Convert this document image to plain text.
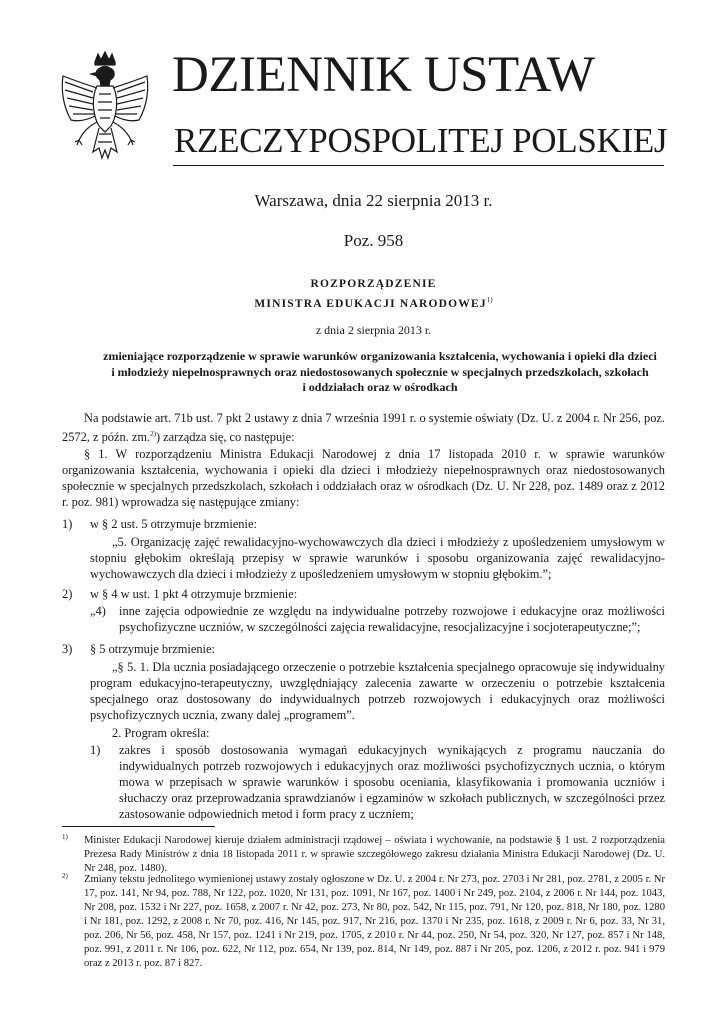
DZIENNIK USTAW
RZECZYPOSPOLITEJ POLSKIEJ
Warszawa, dnia 22 sierpnia 2013 r.
Poz. 958
ROZPORZĄDZENIE
MINISTRA EDUKACJI NARODOWEJ$^{1)}$
z dnia 2 sierpnia 2013 r.
zmieniające rozporządzenie w sprawie warunków organizowania kształcenia, wychowania i opieki dla dzieci
i młodzieży niepełnosprawnych oraz niedostosowanych społecznie w specjalnych przedszkolach, szkołach
i oddziałach oraz w ośrodkach
Na podstawie art. 71b ust. 7 pkt 2 ustawy z dnia 7 września 1991 r. o systemie oświaty (Dz. U. z 2004 r. Nr 256, poz. 2572, z późn. zm.$^{2)}$) zarządza się, co następuje:
§ 1. W rozporządzeniu Ministra Edukacji Narodowej z dnia 17 listopada 2010 r. w sprawie warunków organizowania kształcenia, wychowania i opieki dla dzieci i młodzieży niepełnosprawnych oraz niedostosowanych społecznie w specjalnych przedszkolach, szkołach i oddziałach oraz w ośrodkach (Dz. U. Nr 228, poz. 1489 oraz z 2012 r. poz. 981) wprowadza się następujące zmiany:
1) w § 2 ust. 5 otrzymuje brzmienie:
„5. Organizację zajęć rewalidacyjno-wychowawczych dla dzieci i młodzieży z upośledzeniem umysłowym w stopniu głębokim określają przepisy w sprawie warunków i sposobu organizowania zajęć rewalidacyjno-wychowawczych dla dzieci i młodzieży z upośledzeniem umysłowym w stopniu głębokim.”;
2) w § 4 w ust. 1 pkt 4 otrzymuje brzmienie:
„4) inne zajęcia odpowiednie ze względu na indywidualne potrzeby rozwojowe i edukacyjne oraz możliwości psychofizyczne uczniów, w szczególności zajęcia rewalidacyjne, resocjalizacyjne i socjoterapeutyczne;”;
3) § 5 otrzymuje brzmienie:
„§ 5. 1. Dla ucznia posiadającego orzeczenie o potrzebie kształcenia specjalnego opracowuje się indywidualny program edukacyjno-terapeutyczny, uwzględniający zalecenia zawarte w orzeczeniu o potrzebie kształcenia specjalnego oraz dostosowany do indywidualnych potrzeb rozwojowych i edukacyjnych oraz możliwości psychofizycznych ucznia, zwany dalej „programem”.
2. Program określa:
1) zakres i sposób dostosowania wymagań edukacyjnych wynikających z programu nauczania do indywidualnych potrzeb rozwojowych i edukacyjnych oraz możliwości psychofizycznych ucznia, o którym mowa w przepisach w sprawie warunków i sposobu oceniania, klasyfikowania i promowania uczniów i słuchaczy oraz przeprowadzania sprawdzianów i egzaminów w szkołach publicznych, w szczególności przez zastosowanie odpowiednich metod i form pracy z uczniem;
1) Minister Edukacji Narodowej kieruje działem administracji rządowej – oświata i wychowanie, na podstawie § 1 ust. 2 rozporządzenia Prezesa Rady Ministrów z dnia 18 listopada 2011 r. w sprawie szczegółowego zakresu działania Ministra Edukacji Narodowej (Dz. U. Nr 248, poz. 1480).
2) Zmiany tekstu jednolitego wymienionej ustawy zostały ogłoszone w Dz. U. z 2004 r. Nr 273, poz. 2703 i Nr 281, poz. 2781, z 2005 r. Nr 17, poz. 141, Nr 94, poz. 788, Nr 122, poz. 1020, Nr 131, poz. 1091, Nr 167, poz. 1400 i Nr 249, poz. 2104, z 2006 r. Nr 144, poz. 1043, Nr 208, poz. 1532 i Nr 227, poz. 1658, z 2007 r. Nr 42, poz. 273, Nr 80, poz. 542, Nr 115, poz. 791, Nr 120, poz. 818, Nr 180, poz. 1280 i Nr 181, poz. 1292, z 2008 r. Nr 70, poz. 416, Nr 145, poz. 917, Nr 216, poz. 1370 i Nr 235, poz. 1618, z 2009 r. Nr 6, poz. 33, Nr 31, poz. 206, Nr 56, poz. 458, Nr 157, poz. 1241 i Nr 219, poz. 1705, z 2010 r. Nr 44, poz. 250, Nr 54, poz. 320, Nr 127, poz. 857 i Nr 148, poz. 991, z 2011 r. Nr 106, poz. 622, Nr 112, poz. 654, Nr 139, poz. 814, Nr 149, poz. 887 i Nr 205, poz. 1206, z 2012 r. poz. 941 i 979 oraz z 2013 r. poz. 87 i 827.
